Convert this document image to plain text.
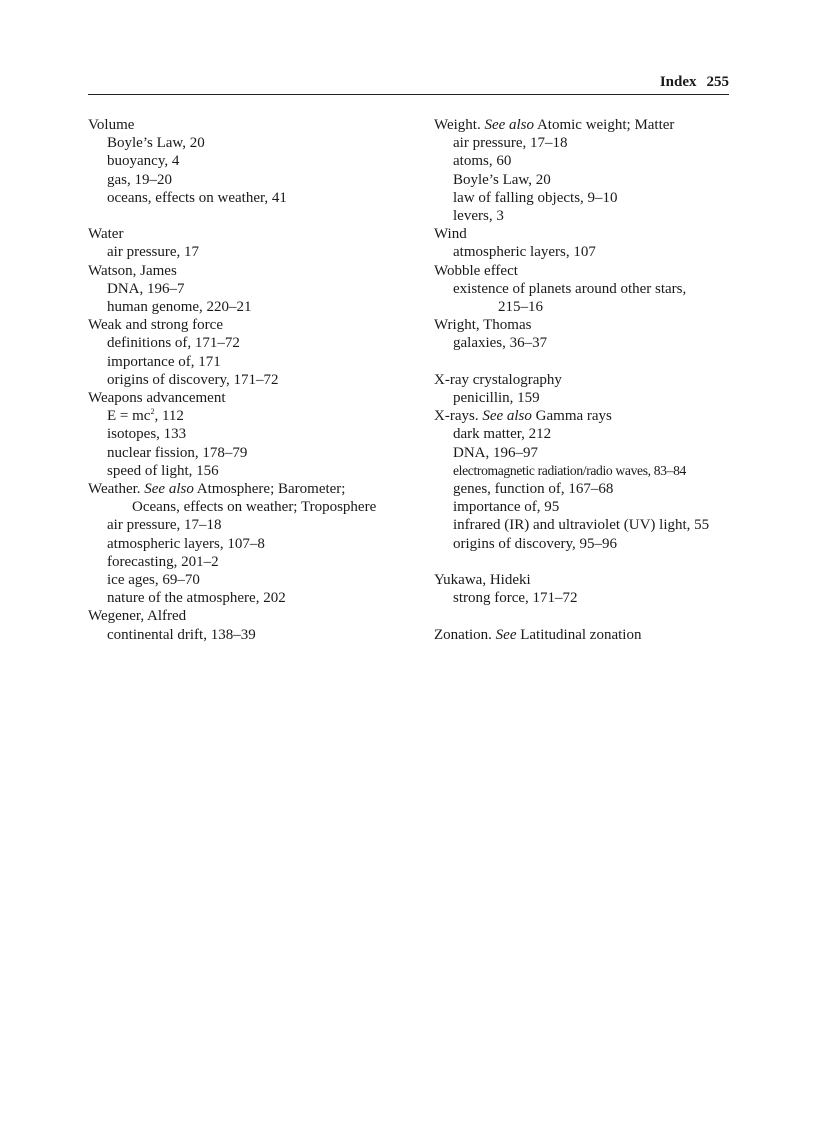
Index 255
Volume
Boyle’s Law, 20
buoyancy, 4
gas, 19–20
oceans, effects on weather, 41
Water
air pressure, 17
Watson, James
DNA, 196–7
human genome, 220–21
Weak and strong force
definitions of, 171–72
importance of, 171
origins of discovery, 171–72
Weapons advancement
$E = mc^2$, 112
isotopes, 133
nuclear fission, 178–79
speed of light, 156
Weather. See also Atmosphere; Barometer;
Oceans, effects on weather; Troposphere
air pressure, 17–18
atmospheric layers, 107–8
forecasting, 201–2
ice ages, 69–70
nature of the atmosphere, 202
Wegener, Alfred
continental drift, 138–39
Weight. See also Atomic weight; Matter
air pressure, 17–18
atoms, 60
Boyle’s Law, 20
law of falling objects, 9–10
levers, 3
Wind
atmospheric layers, 107
Wobble effect
existence of planets around other stars,
215–16
Wright, Thomas
galaxies, 36–37
X-ray crystalography
penicillin, 159
X-rays. See also Gamma rays
dark matter, 212
DNA, 196–97
electromagnetic radiation/radio waves, 83–84
genes, function of, 167–68
importance of, 95
infrared (IR) and ultraviolet (UV) light, 55
origins of discovery, 95–96
Yukawa, Hideki
strong force, 171–72
Zonation. See Latitudinal zonation
